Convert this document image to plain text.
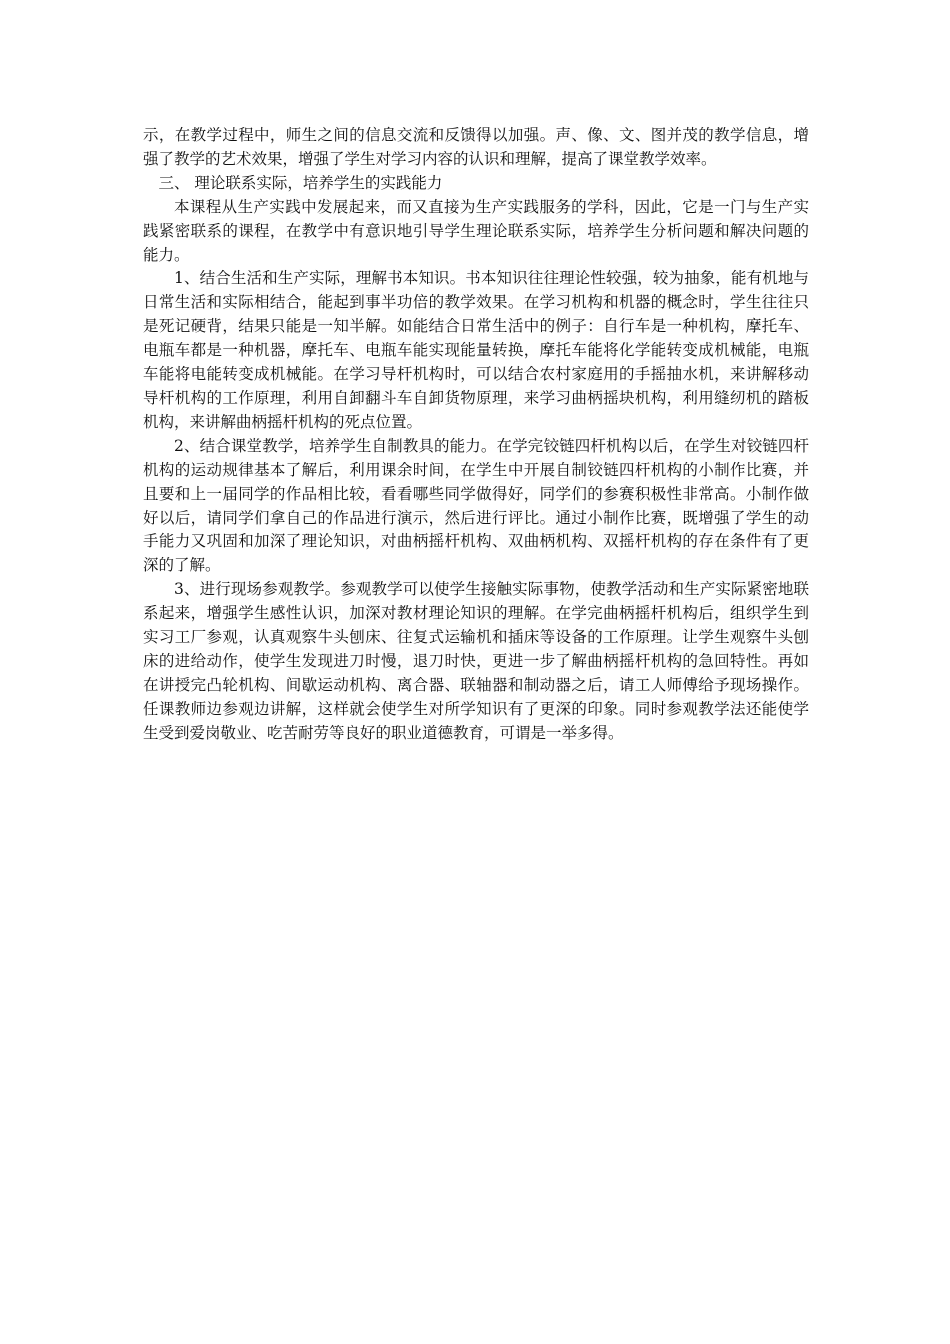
示，在教学过程中，师生之间的信息交流和反馈得以加强。声、像、文、图并茂的教学信息，增强了教学的艺术效果，增强了学生对学习内容的认识和理解，提高了课堂教学效率。

三、 理论联系实际，培养学生的实践能力

本课程从生产实践中发展起来，而又直接为生产实践服务的学科，因此，它是一门与生产实践紧密联系的课程，在教学中有意识地引导学生理论联系实际，培养学生分析问题和解决问题的能力。

1、结合生活和生产实际，理解书本知识。书本知识往往理论性较强，较为抽象，能有机地与日常生活和实际相结合，能起到事半功倍的教学效果。在学习机构和机器的概念时，学生往往只是死记硬背，结果只能是一知半解。如能结合日常生活中的例子：自行车是一种机构，摩托车、电瓶车都是一种机器，摩托车、电瓶车能实现能量转换，摩托车能将化学能转变成机械能，电瓶车能将电能转变成机械能。在学习导杆机构时，可以结合农村家庭用的手摇抽水机，来讲解移动导杆机构的工作原理，利用自卸翻斗车自卸货物原理，来学习曲柄摇块机构，利用缝纫机的踏板机构，来讲解曲柄摇杆机构的死点位置。

2、结合课堂教学，培养学生自制教具的能力。在学完铰链四杆机构以后，在学生对铰链四杆机构的运动规律基本了解后，利用课余时间，在学生中开展自制铰链四杆机构的小制作比赛，并且要和上一届同学的作品相比较，看看哪些同学做得好，同学们的参赛积极性非常高。小制作做好以后，请同学们拿自己的作品进行演示，然后进行评比。通过小制作比赛，既增强了学生的动手能力又巩固和加深了理论知识，对曲柄摇杆机构、双曲柄机构、双摇杆机构的存在条件有了更深的了解。

3、进行现场参观教学。参观教学可以使学生接触实际事物，使教学活动和生产实际紧密地联系起来，增强学生感性认识，加深对教材理论知识的理解。在学完曲柄摇杆机构后，组织学生到实习工厂参观，认真观察牛头刨床、往复式运输机和插床等设备的工作原理。让学生观察牛头刨床的进给动作，使学生发现进刀时慢，退刀时快，更进一步了解曲柄摇杆机构的急回特性。再如在讲授完凸轮机构、间歇运动机构、离合器、联轴器和制动器之后，请工人师傅给予现场操作。任课教师边参观边讲解，这样就会使学生对所学知识有了更深的印象。同时参观教学法还能使学生受到爱岗敬业、吃苦耐劳等良好的职业道德教育，可谓是一举多得。
